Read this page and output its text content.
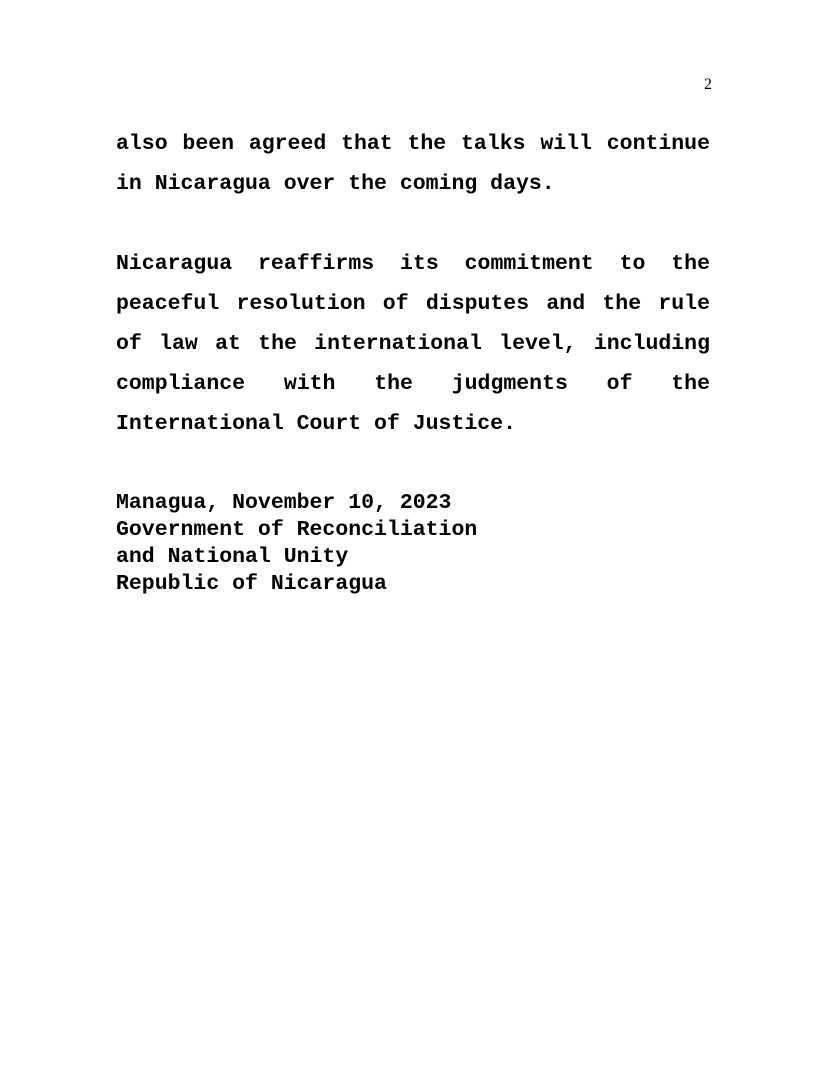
2

also been agreed that the talks will continue in Nicaragua over the coming days.

Nicaragua reaffirms its commitment to the peaceful resolution of disputes and the rule of law at the international level, including compliance with the judgments of the International Court of Justice.

Managua, November 10, 2023
Government of Reconciliation
and National Unity
Republic of Nicaragua
